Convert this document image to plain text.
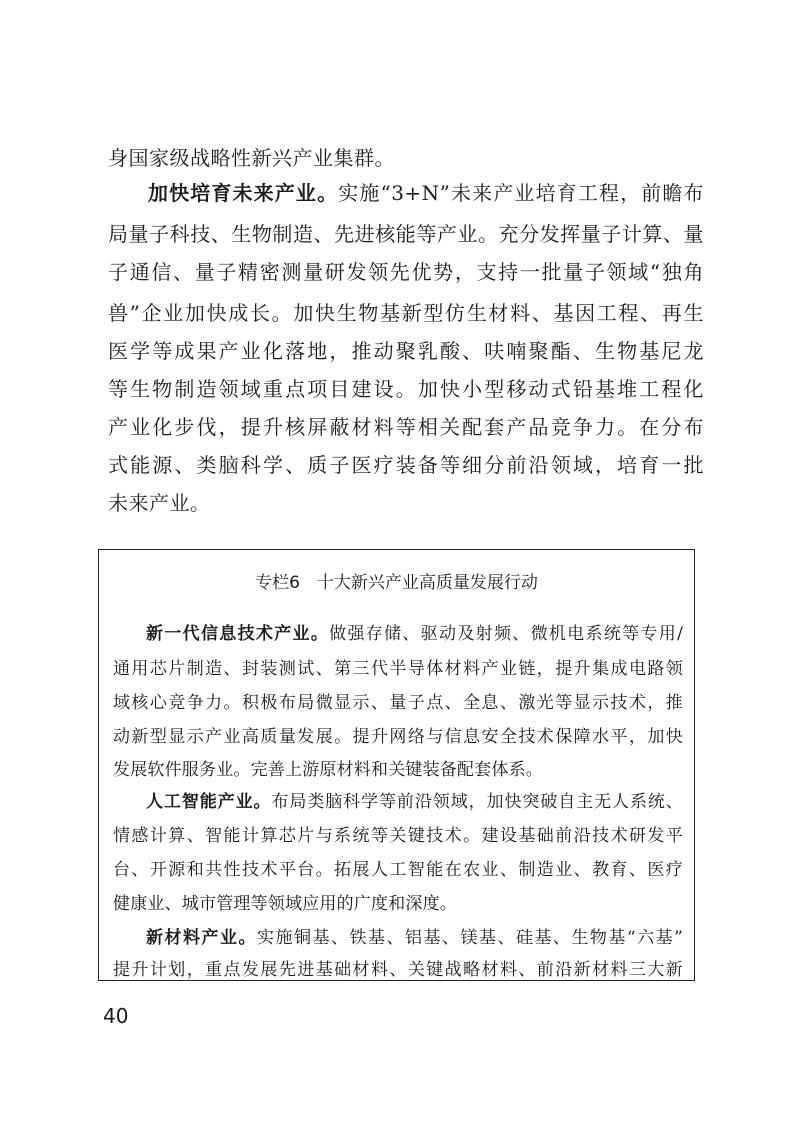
身国家级战略性新兴产业集群。
加快培育未来产业。实施“3+N”未来产业培育工程，前瞻布
局量子科技、生物制造、先进核能等产业。充分发挥量子计算、量
子通信、量子精密测量研发领先优势，支持一批量子领域“独角
兽”企业加快成长。加快生物基新型仿生材料、基因工程、再生
医学等成果产业化落地，推动聚乳酸、呋喃聚酯、生物基尼龙
等生物制造领域重点项目建设。加快小型移动式铅基堆工程化
产业化步伐，提升核屏蔽材料等相关配套产品竞争力。在分布
式能源、类脑科学、质子医疗装备等细分前沿领域，培育一批
未来产业。
专栏6　十大新兴产业高质量发展行动
新一代信息技术产业。做强存储、驱动及射频、微机电系统等专用/
通用芯片制造、封装测试、第三代半导体材料产业链，提升集成电路领
域核心竞争力。积极布局微显示、量子点、全息、激光等显示技术，推
动新型显示产业高质量发展。提升网络与信息安全技术保障水平，加快
发展软件服务业。完善上游原材料和关键装备配套体系。
人工智能产业。布局类脑科学等前沿领域，加快突破自主无人系统、
情感计算、智能计算芯片与系统等关键技术。建设基础前沿技术研发平
台、开源和共性技术平台。拓展人工智能在农业、制造业、教育、医疗
健康业、城市管理等领域应用的广度和深度。
新材料产业。实施铜基、铁基、铝基、镁基、硅基、生物基“六基”
提升计划，重点发展先进基础材料、关键战略材料、前沿新材料三大新
40
